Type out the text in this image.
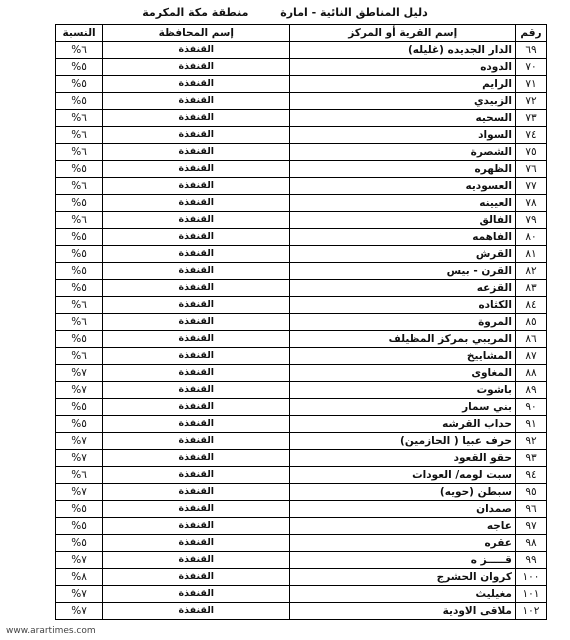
دليل المناطق النائية - امارة منطقة مكة المكرمة
رقم	إسم القرية أو المركز	إسم المحافظة	النسبة
٦٩	الدار الجديده (غليله)	القنفذة	٦%
٧٠	الدوده	القنفذة	٥%
٧١	الرايم	القنفذة	٥%
٧٢	الزبيدي	القنفذة	٥%
٧٣	السحيه	القنفذة	٦%
٧٤	السواد	القنفذة	٦%
٧٥	الشصرة	القنفذة	٦%
٧٦	الظهره	القنفذة	٥%
٧٧	العسوديه	القنفذة	٦%
٧٨	العيينه	القنفذة	٥%
٧٩	الفالق	القنفذة	٦%
٨٠	الفاهمه	القنفذة	٥%
٨١	القرش	القنفذة	٥%
٨٢	القرن - بيس	القنفذة	٥%
٨٣	القزعه	القنفذة	٥%
٨٤	الكثاده	القنفذة	٦%
٨٥	المروة	القنفذة	٦%
٨٦	المريبي بمركز المظيلف	القنفذة	٥%
٨٧	المشاييخ	القنفذة	٦%
٨٨	المغاوى	القنفذة	٧%
٨٩	باشوت	القنفذة	٧%
٩٠	بني سمار	القنفذة	٥%
٩١	حداب القرشه	القنفذة	٥%
٩٢	حرف عبيا ( الحازمين)	القنفذة	٧%
٩٣	حقو القعود	القنفذة	٧%
٩٤	سبت لومه/ العودات	القنفذة	٦%
٩٥	سبطن (حويه)	القنفذة	٧%
٩٦	صمدان	القنفذة	٥%
٩٧	عاجه	القنفذة	٥%
٩٨	عقره	القنفذة	٥%
٩٩	قـــــز ه	القنفذة	٧%
١٠٠	كروان الحشرج	القنفذة	٨%
١٠١	مغيليث	القنفذة	٧%
١٠٢	ملاقى الاودية	القنفذة	٧%
www.arartimes.com
